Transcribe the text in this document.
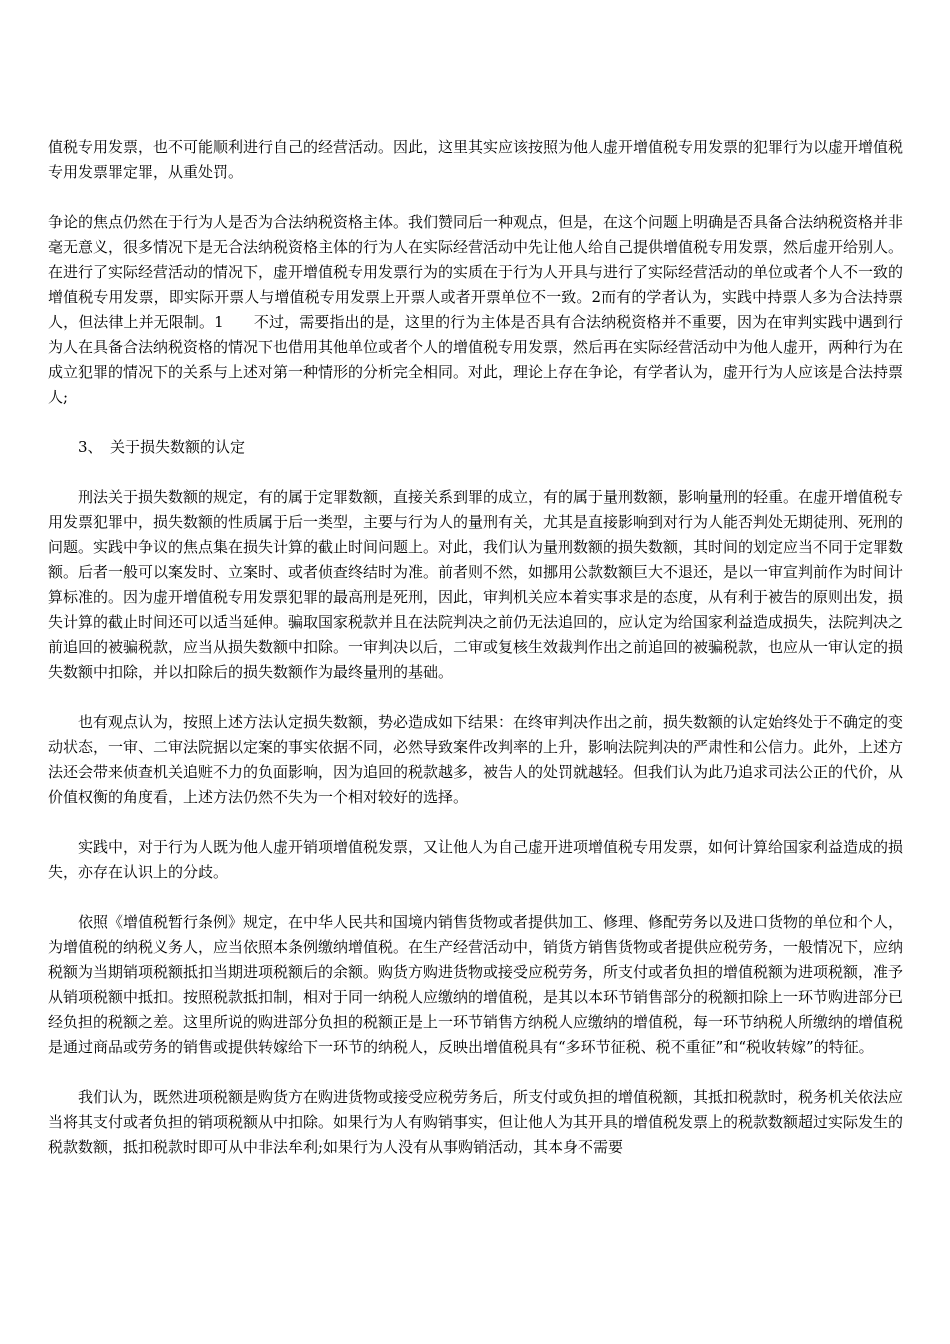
值税专用发票，也不可能顺利进行自己的经营活动。因此，这里其实应该按照为他人虚开增值税专用发票的犯罪行为以虚开增值税专用发票罪定罪，从重处罚。

争论的焦点仍然在于行为人是否为合法纳税资格主体。我们赞同后一种观点，但是，在这个问题上明确是否具备合法纳税资格并非毫无意义，很多情况下是无合法纳税资格主体的行为人在实际经营活动中先让他人给自己提供增值税专用发票，然后虚开给别人。在进行了实际经营活动的情况下，虚开增值税专用发票行为的实质在于行为人开具与进行了实际经营活动的单位或者个人不一致的增值税专用发票，即实际开票人与增值税专用发票上开票人或者开票单位不一致。2而有的学者认为，实践中持票人多为合法持票人，但法律上并无限制。1　　不过，需要指出的是，这里的行为主体是否具有合法纳税资格并不重要，因为在审判实践中遇到行为人在具备合法纳税资格的情况下也借用其他单位或者个人的增值税专用发票，然后再在实际经营活动中为他人虚开，两种行为在成立犯罪的情况下的关系与上述对第一种情形的分析完全相同。对此，理论上存在争论，有学者认为，虚开行为人应该是合法持票人;

3、　关于损失数额的认定

刑法关于损失数额的规定，有的属于定罪数额，直接关系到罪的成立，有的属于量刑数额，影响量刑的轻重。在虚开增值税专用发票犯罪中，损失数额的性质属于后一类型，主要与行为人的量刑有关，尤其是直接影响到对行为人能否判处无期徒刑、死刑的问题。实践中争议的焦点集在损失计算的截止时间问题上。对此，我们认为量刑数额的损失数额，其时间的划定应当不同于定罪数额。后者一般可以案发时、立案时、或者侦查终结时为准。前者则不然，如挪用公款数额巨大不退还，是以一审宣判前作为时间计算标准的。因为虚开增值税专用发票犯罪的最高刑是死刑，因此，审判机关应本着实事求是的态度，从有利于被告的原则出发，损失计算的截止时间还可以适当延伸。骗取国家税款并且在法院判决之前仍无法追回的，应认定为给国家利益造成损失，法院判决之前追回的被骗税款，应当从损失数额中扣除。一审判决以后，二审或复核生效裁判作出之前追回的被骗税款，也应从一审认定的损失数额中扣除，并以扣除后的损失数额作为最终量刑的基础。

也有观点认为，按照上述方法认定损失数额，势必造成如下结果：在终审判决作出之前，损失数额的认定始终处于不确定的变动状态，一审、二审法院据以定案的事实依据不同，必然导致案件改判率的上升，影响法院判决的严肃性和公信力。此外，上述方法还会带来侦查机关追赃不力的负面影响，因为追回的税款越多，被告人的处罚就越轻。但我们认为此乃追求司法公正的代价，从价值权衡的角度看，上述方法仍然不失为一个相对较好的选择。

实践中，对于行为人既为他人虚开销项增值税发票，又让他人为自己虚开进项增值税专用发票，如何计算给国家利益造成的损失，亦存在认识上的分歧。

依照《增值税暂行条例》规定，在中华人民共和国境内销售货物或者提供加工、修理、修配劳务以及进口货物的单位和个人，为增值税的纳税义务人，应当依照本条例缴纳增值税。在生产经营活动中，销货方销售货物或者提供应税劳务，一般情况下，应纳税额为当期销项税额抵扣当期进项税额后的余额。购货方购进货物或接受应税劳务，所支付或者负担的增值税额为进项税额，准予从销项税额中抵扣。按照税款抵扣制，相对于同一纳税人应缴纳的增值税，是其以本环节销售部分的税额扣除上一环节购进部分已经负担的税额之差。这里所说的购进部分负担的税额正是上一环节销售方纳税人应缴纳的增值税，每一环节纳税人所缴纳的增值税是通过商品或劳务的销售或提供转嫁给下一环节的纳税人，反映出增值税具有“多环节征税、税不重征”和“税收转嫁”的特征。

我们认为，既然进项税额是购货方在购进货物或接受应税劳务后，所支付或负担的增值税额，其抵扣税款时，税务机关依法应当将其支付或者负担的销项税额从中扣除。如果行为人有购销事实，但让他人为其开具的增值税发票上的税款数额超过实际发生的税款数额，抵扣税款时即可从中非法牟利;如果行为人没有从事购销活动，其本身不需要
